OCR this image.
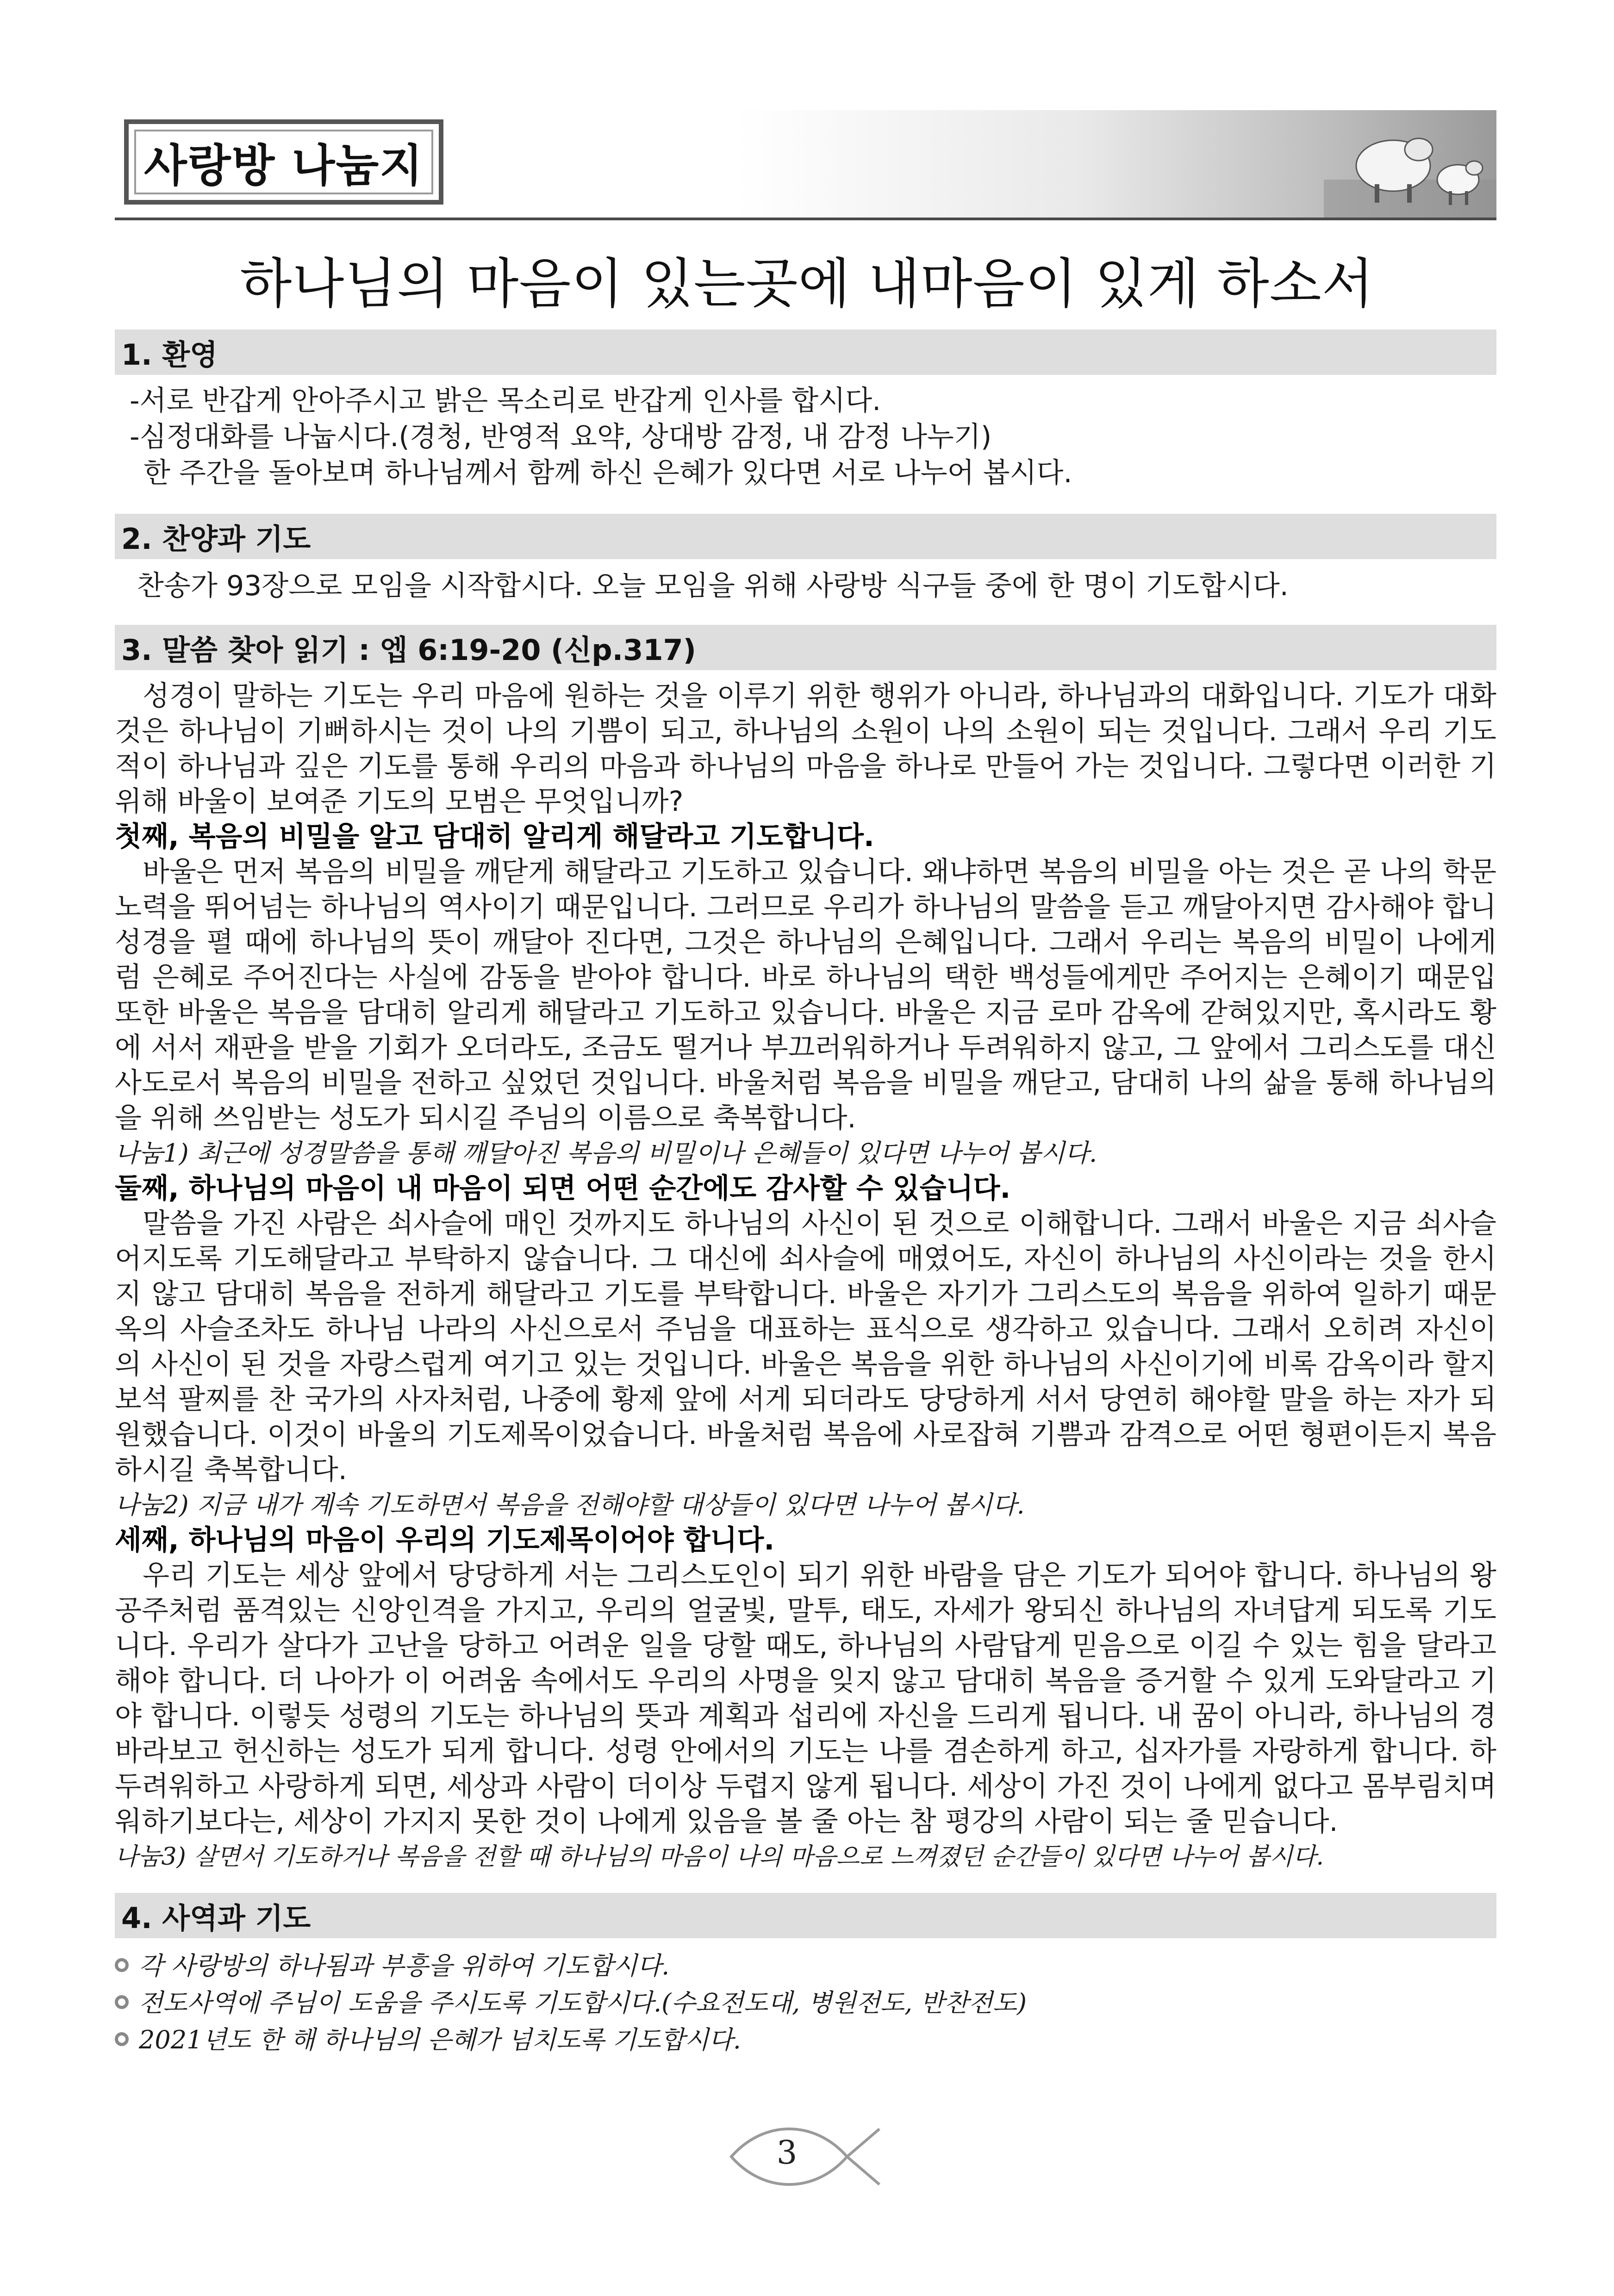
사랑방 나눔지
하나님의 마음이 있는곳에 내마음이 있게 하소서
1. 환영
-서로 반갑게 안아주시고 밝은 목소리로 반갑게 인사를 합시다.
-심정대화를 나눕시다.(경청, 반영적 요약, 상대방 감정, 내 감정 나누기)
한 주간을 돌아보며 하나님께서 함께 하신 은혜가 있다면 서로 나누어 봅시다.
2. 찬양과 기도
찬송가 93장으로 모임을 시작합시다. 오늘 모임을 위해 사랑방 식구들 중에 한 명이 기도합시다.
3. 말씀 찾아 읽기 : 엡 6:19-20 (신p.317)
성경이 말하는 기도는 우리 마음에 원하는 것을 이루기 위한 행위가 아니라, 하나님과의 대화입니다. 기도가 대화
것은 하나님이 기뻐하시는 것이 나의 기쁨이 되고, 하나님의 소원이 나의 소원이 되는 것입니다. 그래서 우리 기도
적이 하나님과 깊은 기도를 통해 우리의 마음과 하나님의 마음을 하나로 만들어 가는 것입니다. 그렇다면 이러한 기
위해 바울이 보여준 기도의 모범은 무엇입니까?
첫째, 복음의 비밀을 알고 담대히 알리게 해달라고 기도합니다.
바울은 먼저 복음의 비밀을 깨닫게 해달라고 기도하고 있습니다. 왜냐하면 복음의 비밀을 아는 것은 곧 나의 학문
노력을 뛰어넘는 하나님의 역사이기 때문입니다. 그러므로 우리가 하나님의 말씀을 듣고 깨달아지면 감사해야 합니
성경을 펼 때에 하나님의 뜻이 깨달아 진다면, 그것은 하나님의 은혜입니다. 그래서 우리는 복음의 비밀이 나에게
럼 은혜로 주어진다는 사실에 감동을 받아야 합니다. 바로 하나님의 택한 백성들에게만 주어지는 은혜이기 때문입
또한 바울은 복음을 담대히 알리게 해달라고 기도하고 있습니다. 바울은 지금 로마 감옥에 갇혀있지만, 혹시라도 황
에 서서 재판을 받을 기회가 오더라도, 조금도 떨거나 부끄러워하거나 두려워하지 않고, 그 앞에서 그리스도를 대신
사도로서 복음의 비밀을 전하고 싶었던 것입니다. 바울처럼 복음을 비밀을 깨닫고, 담대히 나의 삶을 통해 하나님의
을 위해 쓰임받는 성도가 되시길 주님의 이름으로 축복합니다.
나눔1) 최근에 성경말씀을 통해 깨달아진 복음의 비밀이나 은혜들이 있다면 나누어 봅시다.
둘째, 하나님의 마음이 내 마음이 되면 어떤 순간에도 감사할 수 있습니다.
말씀을 가진 사람은 쇠사슬에 매인 것까지도 하나님의 사신이 된 것으로 이해합니다. 그래서 바울은 지금 쇠사슬
어지도록 기도해달라고 부탁하지 않습니다. 그 대신에 쇠사슬에 매였어도, 자신이 하나님의 사신이라는 것을 한시
지 않고 담대히 복음을 전하게 해달라고 기도를 부탁합니다. 바울은 자기가 그리스도의 복음을 위하여 일하기 때문
옥의 사슬조차도 하나님 나라의 사신으로서 주님을 대표하는 표식으로 생각하고 있습니다. 그래서 오히려 자신이
의 사신이 된 것을 자랑스럽게 여기고 있는 것입니다. 바울은 복음을 위한 하나님의 사신이기에 비록 감옥이라 할지
보석 팔찌를 찬 국가의 사자처럼, 나중에 황제 앞에 서게 되더라도 당당하게 서서 당연히 해야할 말을 하는 자가 되
원했습니다. 이것이 바울의 기도제목이었습니다. 바울처럼 복음에 사로잡혀 기쁨과 감격으로 어떤 형편이든지 복음
하시길 축복합니다.
나눔2) 지금 내가 계속 기도하면서 복음을 전해야할 대상들이 있다면 나누어 봅시다.
세째, 하나님의 마음이 우리의 기도제목이어야 합니다.
우리 기도는 세상 앞에서 당당하게 서는 그리스도인이 되기 위한 바람을 담은 기도가 되어야 합니다. 하나님의 왕
공주처럼 품격있는 신앙인격을 가지고, 우리의 얼굴빛, 말투, 태도, 자세가 왕되신 하나님의 자녀답게 되도록 기도
니다. 우리가 살다가 고난을 당하고 어려운 일을 당할 때도, 하나님의 사람답게 믿음으로 이길 수 있는 힘을 달라고
해야 합니다. 더 나아가 이 어려움 속에서도 우리의 사명을 잊지 않고 담대히 복음을 증거할 수 있게 도와달라고 기
야 합니다. 이렇듯 성령의 기도는 하나님의 뜻과 계획과 섭리에 자신을 드리게 됩니다. 내 꿈이 아니라, 하나님의 경
바라보고 헌신하는 성도가 되게 합니다. 성령 안에서의 기도는 나를 겸손하게 하고, 십자가를 자랑하게 합니다. 하
두려워하고 사랑하게 되면, 세상과 사람이 더이상 두렵지 않게 됩니다. 세상이 가진 것이 나에게 없다고 몸부림치며
워하기보다는, 세상이 가지지 못한 것이 나에게 있음을 볼 줄 아는 참 평강의 사람이 되는 줄 믿습니다.
나눔3) 살면서 기도하거나 복음을 전할 때 하나님의 마음이 나의 마음으로 느껴졌던 순간들이 있다면 나누어 봅시다.
4. 사역과 기도
각 사랑방의 하나됨과 부흥을 위하여 기도합시다.
전도사역에 주님이 도움을 주시도록 기도합시다.(수요전도대, 병원전도, 반찬전도)
2021년도 한 해 하나님의 은혜가 넘치도록 기도합시다.
3
